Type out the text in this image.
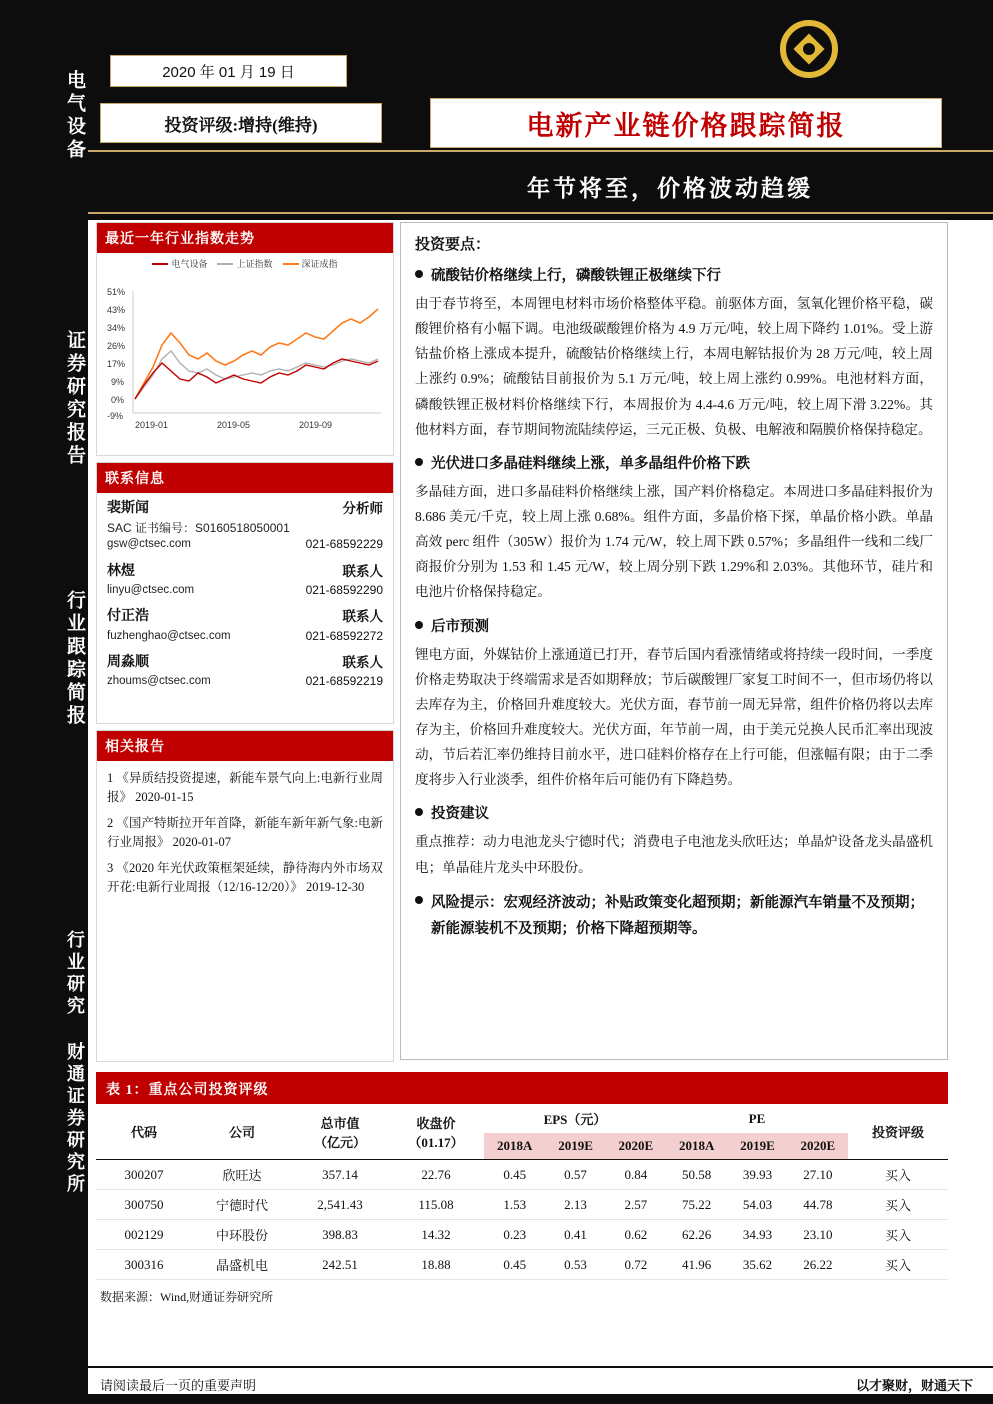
电气设备
证券研究报告
行业跟踪简报
行业研究 财通证券研究所
2020 年 01 月 19 日
投资评级:增持(维持)	电新产业链价格跟踪简报
年节将至，价格波动趋缓
最近一年行业指数走势
电气设备	上证指数	深证成指
51%
43%
34%
26%
17%
9%
0%
-9%
2019-01	2019-05	2019-09
联系信息
裴斯闻	分析师
SAC 证书编号：S0160518050001
gsw@ctsec.com	021-68592229
林煜	联系人
linyu@ctsec.com	021-68592290
付正浩	联系人
fuzhenghao@ctsec.com	021-68592272
周淼顺	联系人
zhoums@ctsec.com	021-68592219
相关报告
1 《异质结投资提速，新能车景气向上:电新行业周报》 2020-01-15
2 《国产特斯拉开年首降，新能车新年新气象:电新行业周报》 2020-01-07
3 《2020 年光伏政策框架延续，静待海内外市场双开花:电新行业周报（12/16-12/20）》 2019-12-30
投资要点：
硫酸钴价格继续上行，磷酸铁锂正极继续下行
由于春节将至，本周锂电材料市场价格整体平稳。前驱体方面，氢氧化锂价格平稳，碳酸锂价格有小幅下调。电池级碳酸锂价格为 4.9 万元/吨，较上周下降约 1.01%。受上游钴盐价格上涨成本提升，硫酸钴价格继续上行，本周电解钴报价为 28 万元/吨，较上周上涨约 0.9%；硫酸钴目前报价为 5.1 万元/吨，较上周上涨约 0.99%。电池材料方面，磷酸铁锂正极材料价格继续下行，本周报价为 4.4-4.6 万元/吨，较上周下滑 3.22%。其他材料方面，春节期间物流陆续停运，三元正极、负极、电解液和隔膜价格保持稳定。
光伏进口多晶硅料继续上涨，单多晶组件价格下跌
多晶硅方面，进口多晶硅料价格继续上涨，国产料价格稳定。本周进口多晶硅料报价为 8.686 美元/千克，较上周上涨 0.68%。组件方面，多晶价格下探，单晶价格小跌。单晶高效 perc 组件（305W）报价为 1.74 元/W，较上周下跌 0.57%；多晶组件一线和二线厂商报价分别为 1.53 和 1.45 元/W，较上周分别下跌 1.29%和 2.03%。其他环节，硅片和电池片价格保持稳定。
后市预测
锂电方面，外媒钴价上涨通道已打开，春节后国内看涨情绪或将持续一段时间，一季度价格走势取决于终端需求是否如期释放；节后碳酸锂厂家复工时间不一，但市场仍将以去库存为主，价格回升难度较大。光伏方面，春节前一周无异常，组件价格仍将以去库存为主，价格回升难度较大。光伏方面，年节前一周，由于美元兑换人民币汇率出现波动，节后若汇率仍维持目前水平，进口硅料价格存在上行可能，但涨幅有限；由于二季度将步入行业淡季，组件价格年后可能仍有下降趋势。
投资建议
重点推荐：动力电池龙头宁德时代；消费电子电池龙头欣旺达；单晶炉设备龙头晶盛机电；单晶硅片龙头中环股份。
风险提示：宏观经济波动；补贴政策变化超预期；新能源汽车销量不及预期；新能源装机不及预期；价格下降超预期等。
表 1：重点公司投资评级
代码	公司	
总市值
（亿元）

收盘价
（01.17）
	EPS（元）	PE	投资评级
				2018A	2019E	2020E	2018A	2019E	2020E	
300207	欣旺达	357.14	22.76	0.45	0.57	0.84	50.58	39.93	27.10	买入
300750	宁德时代	2,541.43	115.08	1.53	2.13	2.57	75.22	54.03	44.78	买入
002129	中环股份	398.83	14.32	0.23	0.41	0.62	62.26	34.93	23.10	买入
300316	晶盛机电	242.51	18.88	0.45	0.53	0.72	41.96	35.62	26.22	买入
数据来源：Wind,财通证券研究所
请阅读最后一页的重要声明	以才聚财，财通天下
